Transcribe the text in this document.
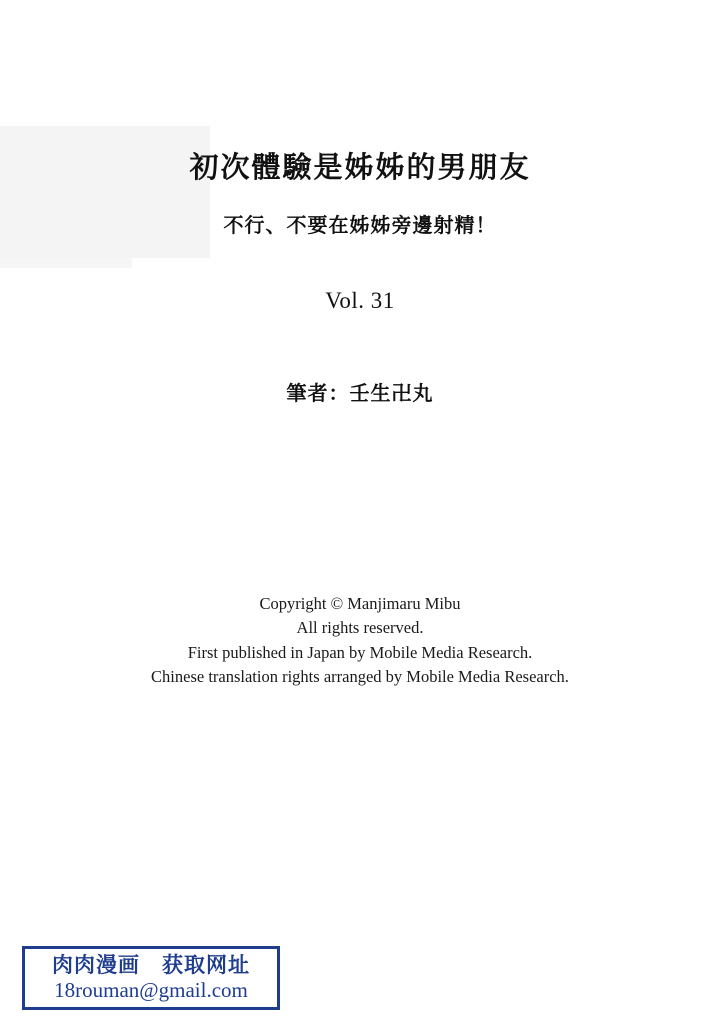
初次體驗是姊姊的男朋友
不行、不要在姊姊旁邊射精！
Vol. 31
筆者：壬生卍丸
Copyright © Manjimaru Mibu
All rights reserved.
First published in Japan by Mobile Media Research.
Chinese translation rights arranged by Mobile Media Research.
肉肉漫画　获取网址
18rouman@gmail.com
